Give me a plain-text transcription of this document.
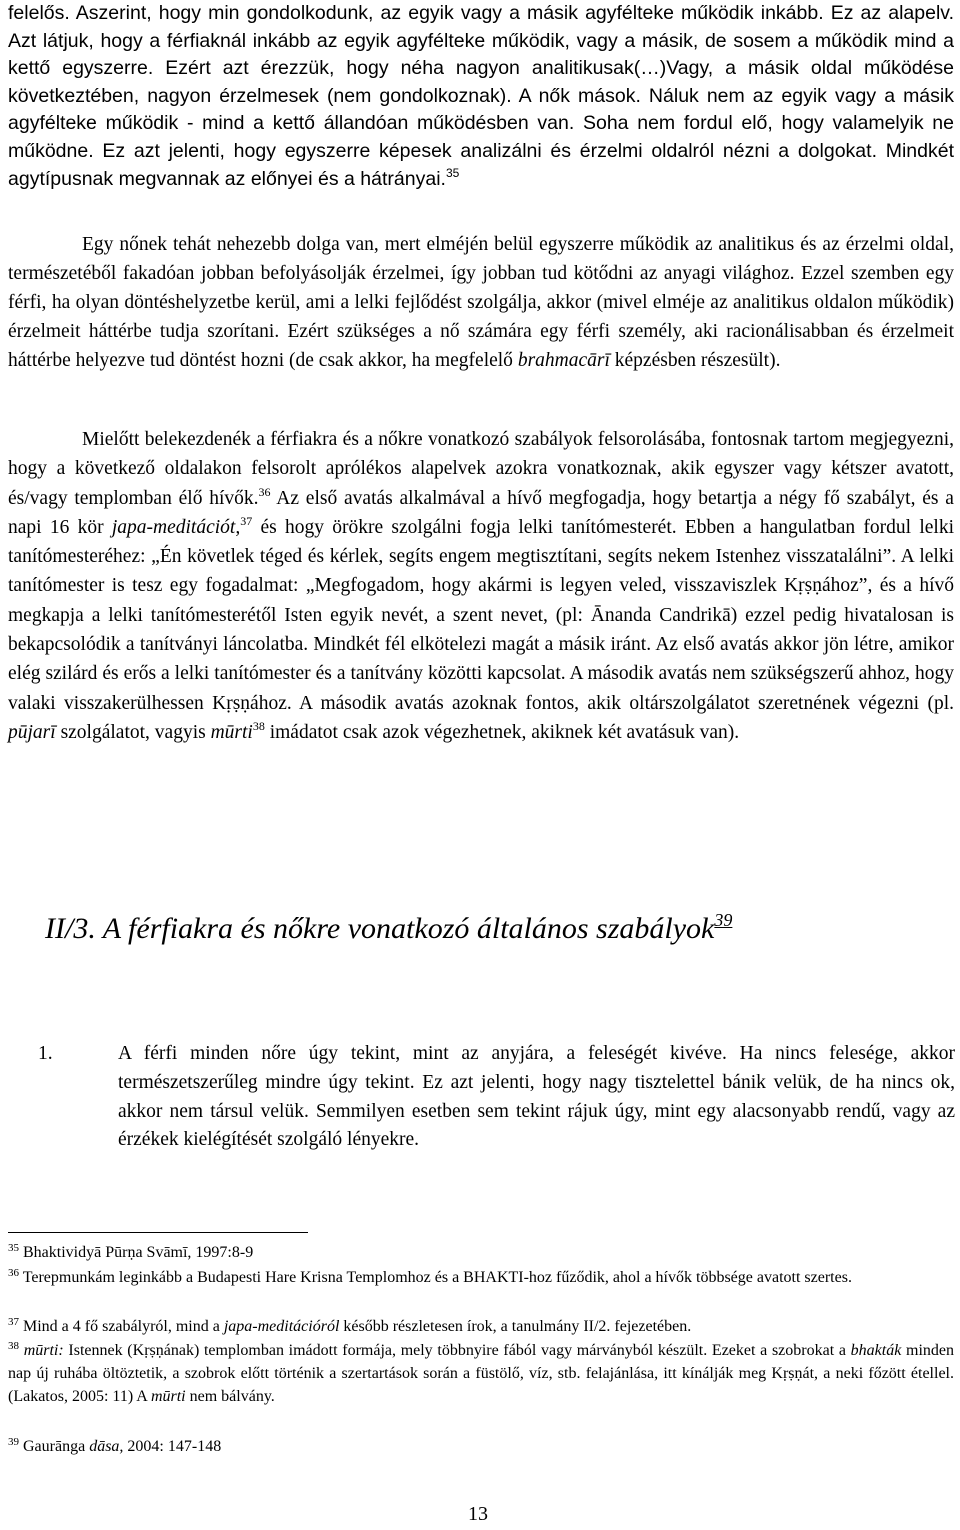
felelős. Aszerint, hogy min gondolkodunk, az egyik vagy a másik agyfélteke működik inkább. Ez az alapelv. Azt látjuk, hogy a férfiaknál inkább az egyik agyfélteke működik, vagy a másik, de sosem a működik mind a kettő egyszerre. Ezért azt érezzük, hogy néha nagyon analitikusak(…)Vagy, a másik oldal működése következtében, nagyon érzelmesek (nem gondolkoznak). A nők mások. Náluk nem az egyik vagy a másik agyfélteke működik - mind a kettő állandóan működésben van. Soha nem fordul elő, hogy valamelyik ne működne. Ez azt jelenti, hogy egyszerre képesek analizálni és érzelmi oldalról nézni a dolgokat. Mindkét agytípusnak megvannak az előnyei és a hátrányai.$^{35}$

Egy nőnek tehát nehezebb dolga van, mert elméjén belül egyszerre működik az analitikus és az érzelmi oldal, természetéből fakadóan jobban befolyásolják érzelmei, így jobban tud kötődni az anyagi világhoz. Ezzel szemben egy férfi, ha olyan döntéshelyzetbe kerül, ami a lelki fejlődést szolgálja, akkor (mivel elméje az analitikus oldalon működik) érzelmeit háttérbe tudja szorítani. Ezért szükséges a nő számára egy férfi személy, aki racionálisabban és érzelmeit háttérbe helyezve tud döntést hozni (de csak akkor, ha megfelelő brahmacārī képzésben részesült).

Mielőtt belekezdenék a férfiakra és a nőkre vonatkozó szabályok felsorolásába, fontosnak tartom megjegyezni, hogy a következő oldalakon felsorolt aprólékos alapelvek azokra vonatkoznak, akik egyszer vagy kétszer avatott, és/vagy templomban élő hívők.$^{36}$ Az első avatás alkalmával a hívő megfogadja, hogy betartja a négy fő szabályt, és a napi 16 kör japa-meditációt,$^{37}$ és hogy örökre szolgálni fogja lelki tanítómesterét. Ebben a hangulatban fordul lelki tanítómesteréhez: „Én követlek téged és kérlek, segíts engem megtisztítani, segíts nekem Istenhez visszatalálni”. A lelki tanítómester is tesz egy fogadalmat: „Megfogadom, hogy akármi is legyen veled, visszaviszlek Kṛṣṇához”, és a hívő megkapja a lelki tanítómesterétől Isten egyik nevét, a szent nevet, (pl: Ānanda Candrikā) ezzel pedig hivatalosan is bekapcsolódik a tanítványi láncolatba. Mindkét fél elkötelezi magát a másik iránt. Az első avatás akkor jön létre, amikor elég szilárd és erős a lelki tanítómester és a tanítvány közötti kapcsolat. A második avatás nem szükségszerű ahhoz, hogy valaki visszakerülhessen Kṛṣṇához. A második avatás azoknak fontos, akik oltárszolgálatot szeretnének végezni (pl. pūjarī szolgálatot, vagyis mūrti$^{38}$ imádatot csak azok végezhetnek, akiknek két avatásuk van).

II/3. A férfiakra és nőkre vonatkozó általános szabályok$^{39}$
1.	A férfi minden nőre úgy tekint, mint az anyjára, a feleségét kivéve. Ha nincs felesége, akkor természetszerűleg mindre úgy tekint. Ez azt jelenti, hogy nagy tisztelettel bánik velük, de ha nincs ok, akkor nem társul velük. Semmilyen esetben sem tekint rájuk úgy, mint egy alacsonyabb rendű, vagy az érzékek kielégítését szolgáló lényekre.

$^{35}$ Bhaktividyā Pūrṇa Svāmī, 1997:8-9

$^{36}$ Terepmunkám leginkább a Budapesti Hare Krisna Templomhoz és a BHAKTI-hoz fűződik, ahol a hívők többsége avatott szertes.

$^{37}$ Mind a 4 fő szabályról, mind a japa-meditációról később részletesen írok, a tanulmány II/2. fejezetében.

$^{38}$ mūrti: Istennek (Kṛṣṇának) templomban imádott formája, mely többnyire fából vagy márványból készült. Ezeket a szobrokat a bhakták minden nap új ruhába öltöztetik, a szobrok előtt történik a szertartások során a füstölő, víz, stb. felajánlása, itt kínálják meg Kṛṣṇát, a neki főzött étellel.(Lakatos, 2005: 11) A mūrti nem bálvány.

$^{39}$ Gaurānga dāsa, 2004: 147-148

13
